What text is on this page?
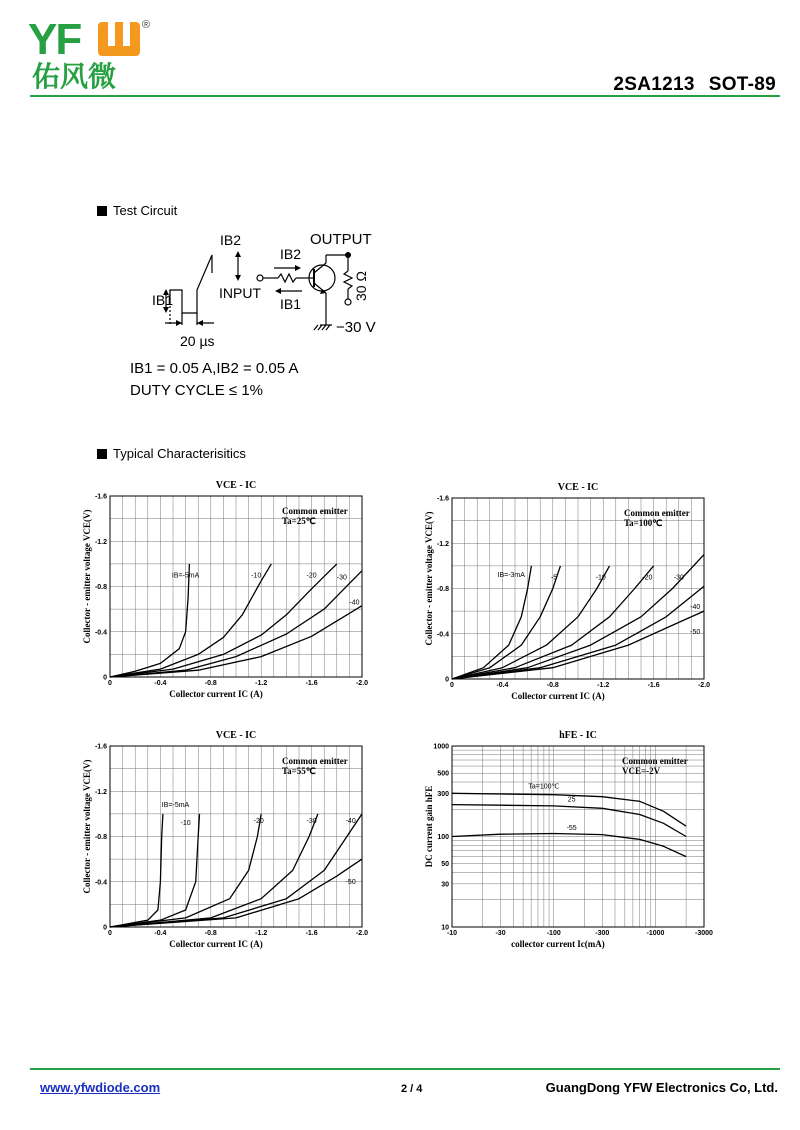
YF	®
佑风微	2SA1213 SOT-89
Test Circuit
IB2
IB1
20 µs
IB2
IB1
INPUT
OUTPUT
30 Ω
−30 V
IB1 = 0.05 A,IB2 = 0.05 A
DUTY CYCLE ≤ 1%
Typical Characterisitics
0	-0.4	-0.8	-1.2	-1.6	-2.0
0
-0.4
-0.8
-1.2
-1.6
VCE - IC
Common emitter
Ta=25℃
Collector current IC (A)
Collector - emitter voltage VCE(V)	IB=-5mA	-10	-20	-30
-40
0	-0.4	-0.8	-1.2	-1.6	-2.0
0
-0.4
-0.8
-1.2
-1.6
VCE - IC
Common emitter
Ta=100℃
Collector current IC (A)
Collector - emitter voltage VCE(V)	IB=-3mA	-5	-10	-20	-30
-40
-50
0	-0.4	-0.8	-1.2	-1.6	-2.0
0
-0.4
-0.8
-1.2
-1.6
VCE - IC
Common emitter
Ta=55℃
Collector current IC (A)
Collector - emitter voltage VCE(V)	IB=-5mA
-10	-20	-30	-40
-50
-10	-30	-100	-300	-1000	-3000
10
30
50
100
300
500
1000
hFE - IC
Common emitter
VCE=-2V
collector current Ic(mA)
DC current gain hFE	Ta=100℃
25
-55
www.yfwdiode.com	2 / 4	GuangDong YFW Electronics Co, Ltd.
